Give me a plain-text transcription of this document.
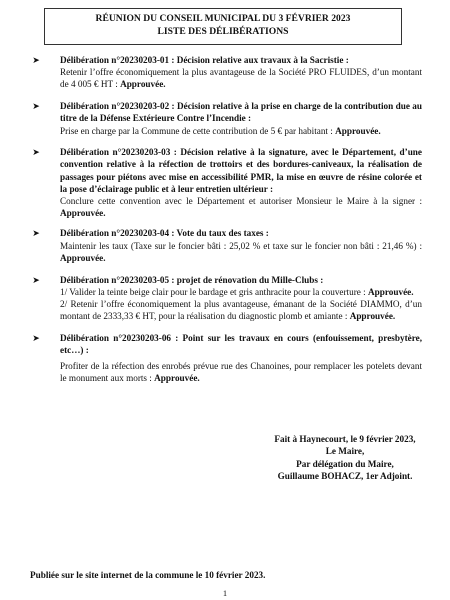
RÉUNION DU CONSEIL MUNICIPAL DU 3 FÉVRIER 2023
LISTE DES DÉLIBÉRATIONS
➤ Délibération n°20230203-01 : Décision relative aux travaux à la Sacristie :
Retenir l’offre économiquement la plus avantageuse de la Société PRO FLUIDES, d’un montant de 4 005 € HT : Approuvée.
➤ Délibération n°20230203-02 : Décision relative à la prise en charge de la contribution due au titre de la Défense Extérieure Contre l’Incendie :
Prise en charge par la Commune de cette contribution de 5 € par habitant : Approuvée.
➤ Délibération n°20230203-03 : Décision relative à la signature, avec le Département, d’une convention relative à la réfection de trottoirs et des bordures-caniveaux, la réalisation de passages pour piétons avec mise en accessibilité PMR, la mise en œuvre de résine colorée et la pose d’éclairage public et à leur entretien ultérieur :
Conclure cette convention avec le Département et autoriser Monsieur le Maire à la signer : Approuvée.
➤ Délibération n°20230203-04 : Vote du taux des taxes :
Maintenir les taux (Taxe sur le foncier bâti : 25,02 % et taxe sur le foncier non bâti : 21,46 %) : Approuvée.
➤ Délibération n°20230203-05 : projet de rénovation du Mille-Clubs :
1/ Valider la teinte beige clair pour le bardage et gris anthracite pour la couverture : Approuvée.
2/ Retenir l’offre économiquement la plus avantageuse, émanant de la Société DIAMMO, d’un montant de 2333,33 € HT, pour la réalisation du diagnostic plomb et amiante : Approuvée.
➤ Délibération n°20230203-06 : Point sur les travaux en cours (enfouissement, presbytère, etc…) :
Profiter de la réfection des enrobés prévue rue des Chanoines, pour remplacer les potelets devant le monument aux morts : Approuvée.
Fait à Haynecourt, le 9 février 2023,
Le Maire,
Par délégation du Maire,
Guillaume BOHACZ, 1er Adjoint.
Publiée sur le site internet de la commune le 10 février 2023.
1
